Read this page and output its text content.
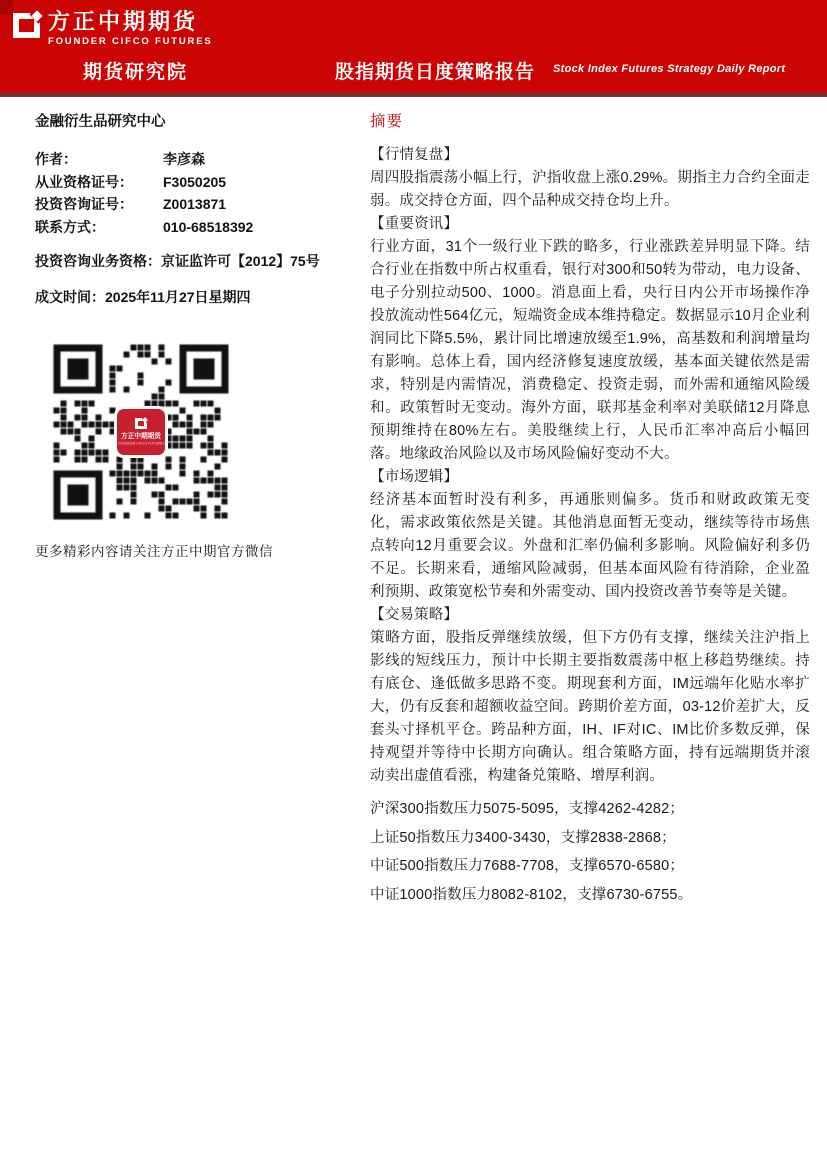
方正中期期货
FOUNDER CIFCO FUTURES
期货研究院	股指期货日度策略报告 Stock Index Futures Strategy Daily Report
金融衍生品研究中心
作者：	李彦森
从业资格证号：	F3050205
投资咨询证号：	Z0013871
联系方式：	010-68518392
投资咨询业务资格：京证监许可【2012】75号
成文时间：2025年11月27日星期四
方正中期期货
FOUNDER CIFCO FUTURES
更多精彩内容请关注方正中期官方微信
摘要
【行情复盘】
周四股指震荡小幅上行，沪指收盘上涨0.29%。期指主力合约全面走弱。成交持仓方面，四个品种成交持仓均上升。
【重要资讯】
行业方面，31个一级行业下跌的略多，行业涨跌差异明显下降。结合行业在指数中所占权重看，银行对300和50转为带动，电力设备、电子分别拉动500、1000。消息面上看，央行日内公开市场操作净投放流动性564亿元，短端资金成本维持稳定。数据显示10月企业利润同比下降5.5%，累计同比增速放缓至1.9%，高基数和利润增量均有影响。总体上看，国内经济修复速度放缓，基本面关键依然是需求，特别是内需情况，消费稳定、投资走弱，而外需和通缩风险缓和。政策暂时无变动。海外方面，联邦基金利率对美联储12月降息预期维持在80%左右。美股继续上行，人民币汇率冲高后小幅回落。地缘政治风险以及市场风险偏好变动不大。
【市场逻辑】
经济基本面暂时没有利多，再通胀则偏多。货币和财政政策无变化，需求政策依然是关键。其他消息面暂无变动，继续等待市场焦点转向12月重要会议。外盘和汇率仍偏利多影响。风险偏好利多仍不足。长期来看，通缩风险减弱，但基本面风险有待消除，企业盈利预期、政策宽松节奏和外需变动、国内投资改善节奏等是关键。
【交易策略】
策略方面，股指反弹继续放缓，但下方仍有支撑，继续关注沪指上影线的短线压力，预计中长期主要指数震荡中枢上移趋势继续。持有底仓、逢低做多思路不变。期现套利方面，IM远端年化贴水率扩大，仍有反套和超额收益空间。跨期价差方面，03-12价差扩大，反套头寸择机平仓。跨品种方面，IH、IF对IC、IM比价多数反弹，保持观望并等待中长期方向确认。组合策略方面，持有远端期货并滚动卖出虚值看涨，构建备兑策略、增厚利润。
沪深300指数压力5075-5095，支撑4262-4282；
上证50指数压力3400-3430，支撑2838-2868；
中证500指数压力7688-7708，支撑6570-6580；
中证1000指数压力8082-8102，支撑6730-6755。
